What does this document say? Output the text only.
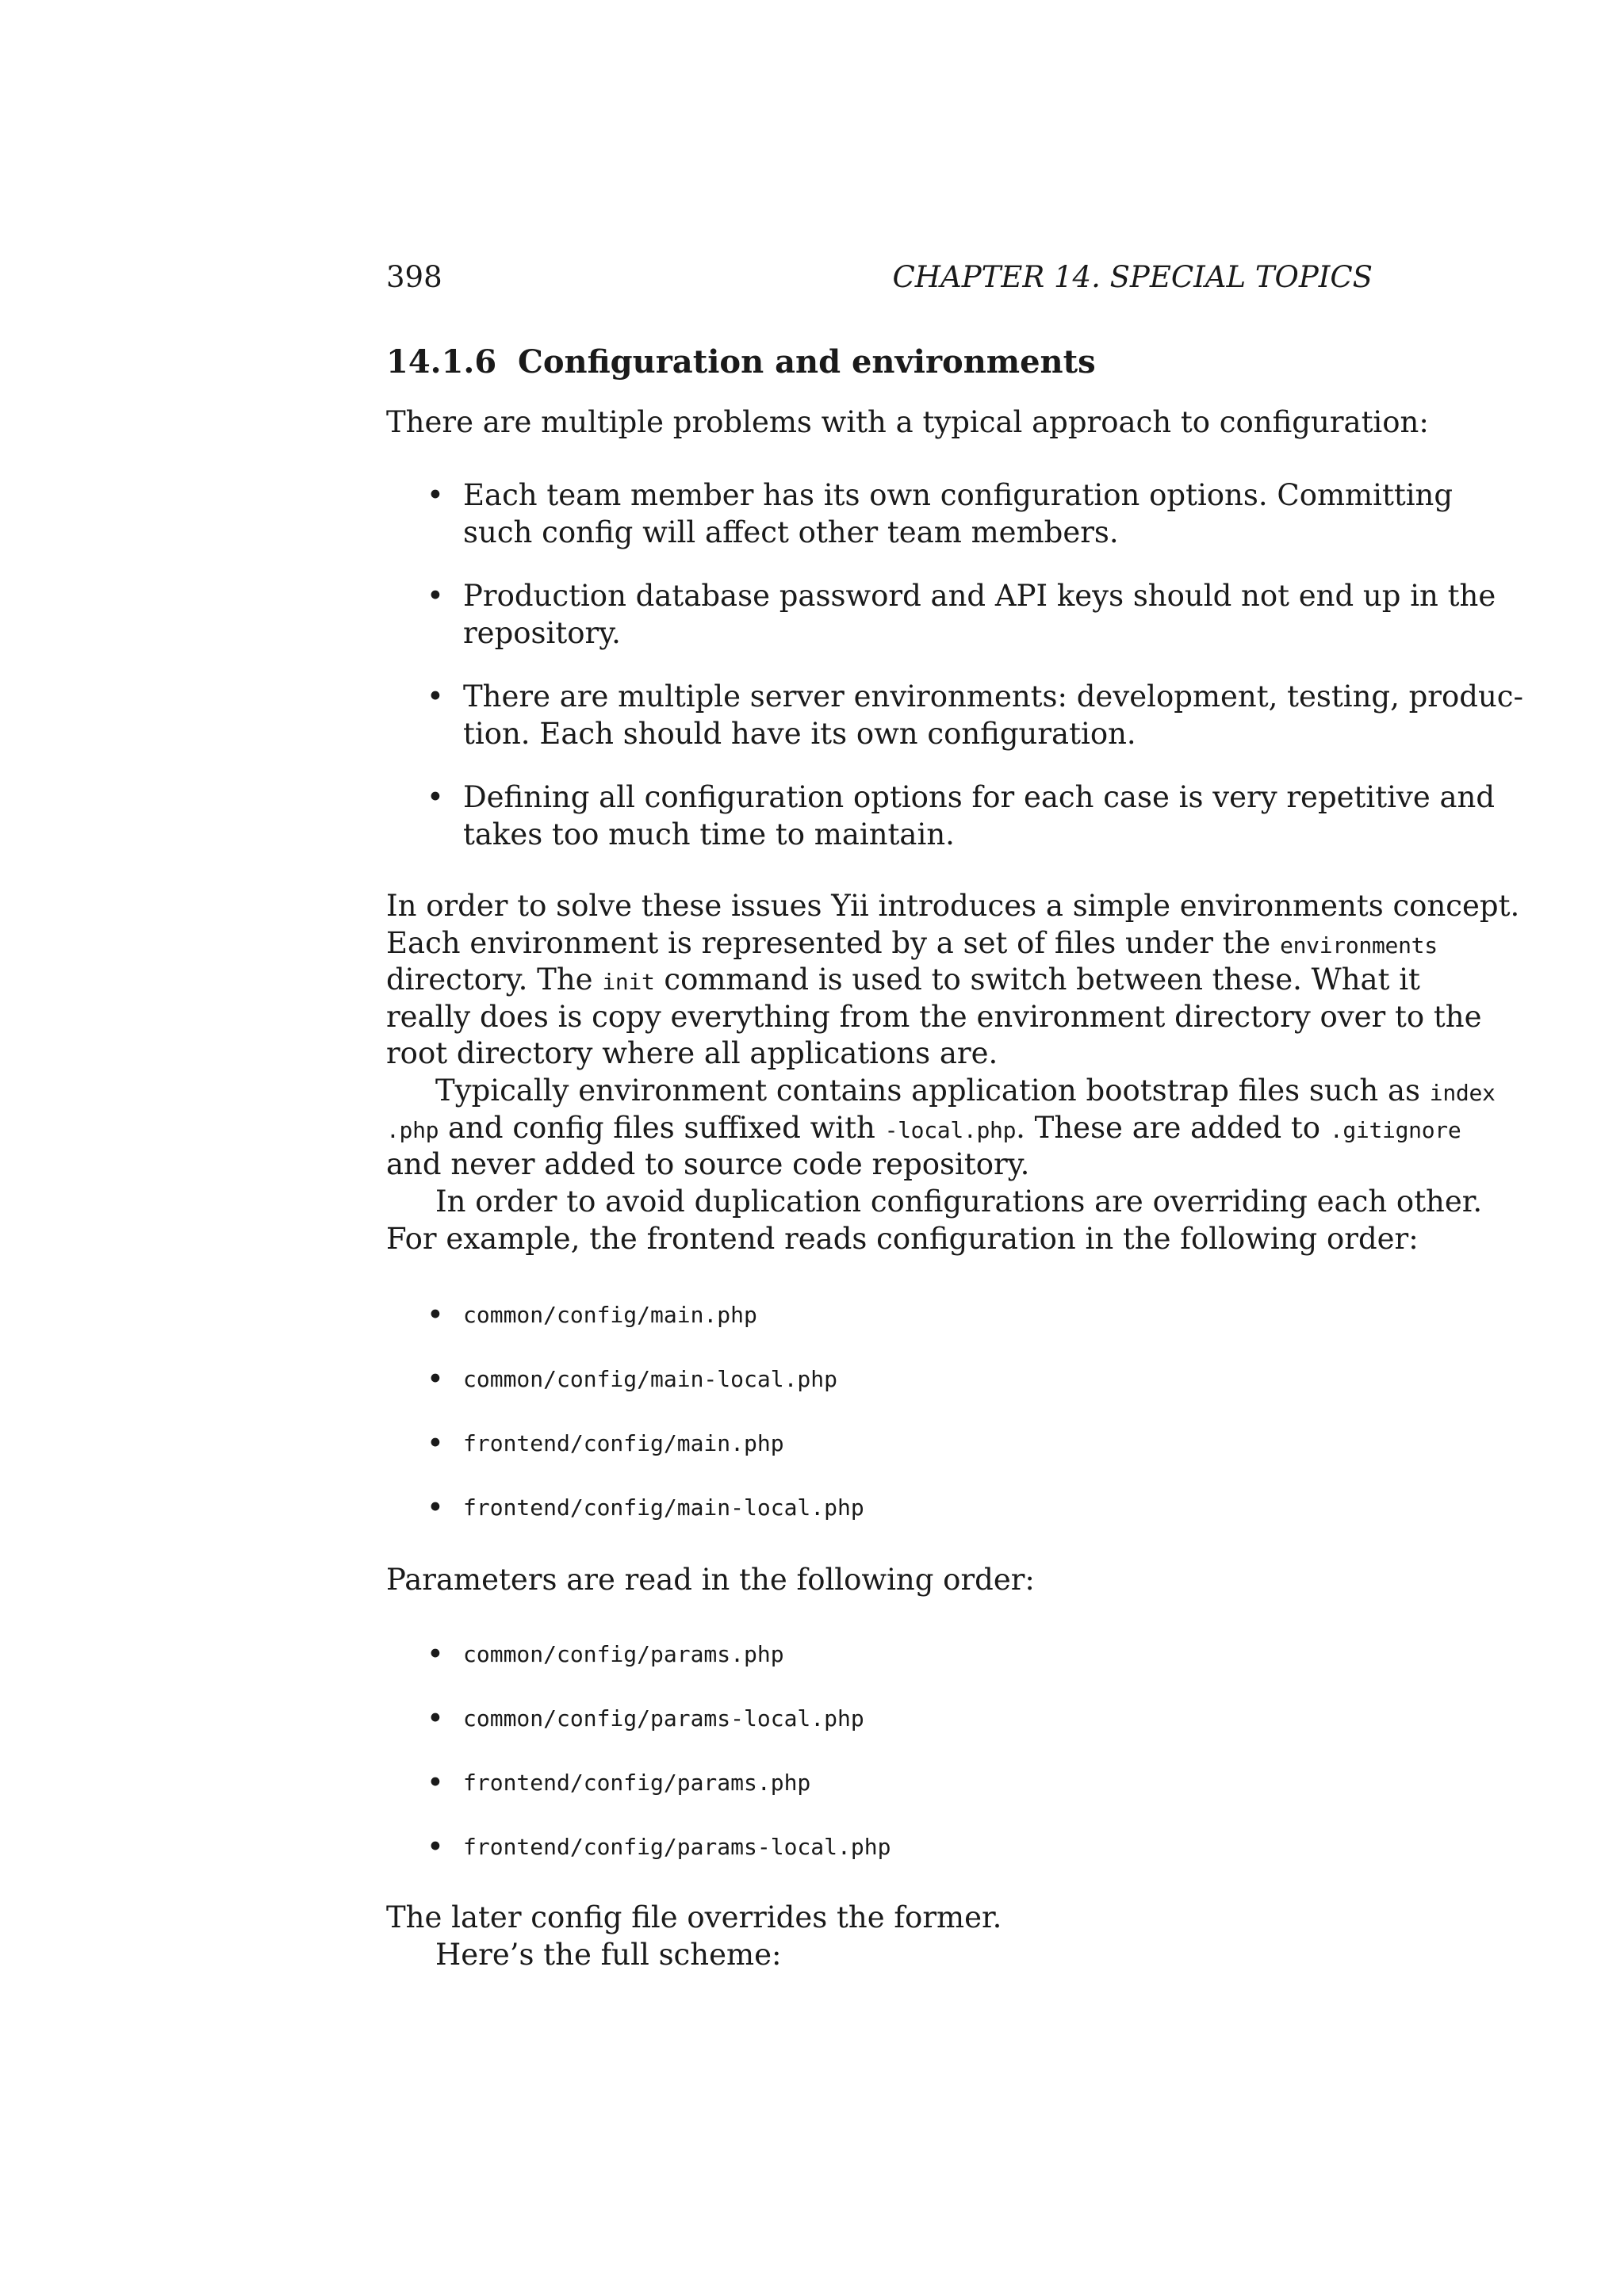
398	CHAPTER 14. SPECIAL TOPICS
14.1.6 Configuration and environments
There are multiple problems with a typical approach to configuration:
• Each team member has its own configuration options. Committing
such config will affect other team members.
• Production database password and API keys should not end up in the
repository.
• There are multiple server environments: development, testing, produc-
tion. Each should have its own configuration.
• Defining all configuration options for each case is very repetitive and
takes too much time to maintain.
In order to solve these issues Yii introduces a simple environments concept.
Each environment is represented by a set of files under the environments
directory. The init command is used to switch between these. What it
really does is copy everything from the environment directory over to the
root directory where all applications are.
Typically environment contains application bootstrap files such as index
.php and config files suffixed with -local.php. These are added to .gitignore
and never added to source code repository.
In order to avoid duplication configurations are overriding each other.
For example, the frontend reads configuration in the following order:
• common/config/main.php
• common/config/main-local.php
• frontend/config/main.php
• frontend/config/main-local.php
Parameters are read in the following order:
• common/config/params.php
• common/config/params-local.php
• frontend/config/params.php
• frontend/config/params-local.php
The later config file overrides the former.
Here’s the full scheme:
